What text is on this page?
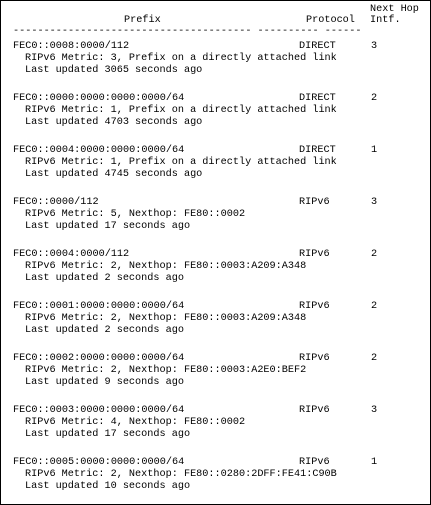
Prefix	Protocol
Next Hop
Intf.
--------------------------------------- ---------- ------
FEC0::0008:0000/112	DIRECT	3
RIPv6 Metric: 3, Prefix on a directly attached link
Last updated 3065 seconds ago
FEC0::0000:0000:0000:0000/64	DIRECT	2
RIPv6 Metric: 1, Prefix on a directly attached link
Last updated 4703 seconds ago
FEC0::0004:0000:0000:0000/64	DIRECT	1
RIPv6 Metric: 1, Prefix on a directly attached link
Last updated 4745 seconds ago
FEC0::0000/112	RIPv6	3
RIPv6 Metric: 5, Nexthop: FE80::0002
Last updated 17 seconds ago
FEC0::0004:0000/112	RIPv6	2
RIPv6 Metric: 2, Nexthop: FE80::0003:A209:A348
Last updated 2 seconds ago
FEC0::0001:0000:0000:0000/64	RIPv6	2
RIPv6 Metric: 2, Nexthop: FE80::0003:A209:A348
Last updated 2 seconds ago
FEC0::0002:0000:0000:0000/64	RIPv6	2
RIPv6 Metric: 2, Nexthop: FE80::0003:A2E0:BEF2
Last updated 9 seconds ago
FEC0::0003:0000:0000:0000/64	RIPv6	3
RIPv6 Metric: 4, Nexthop: FE80::0002
Last updated 17 seconds ago
FEC0::0005:0000:0000:0000/64	RIPv6	1
RIPv6 Metric: 2, Nexthop: FE80::0280:2DFF:FE41:C90B
Last updated 10 seconds ago
